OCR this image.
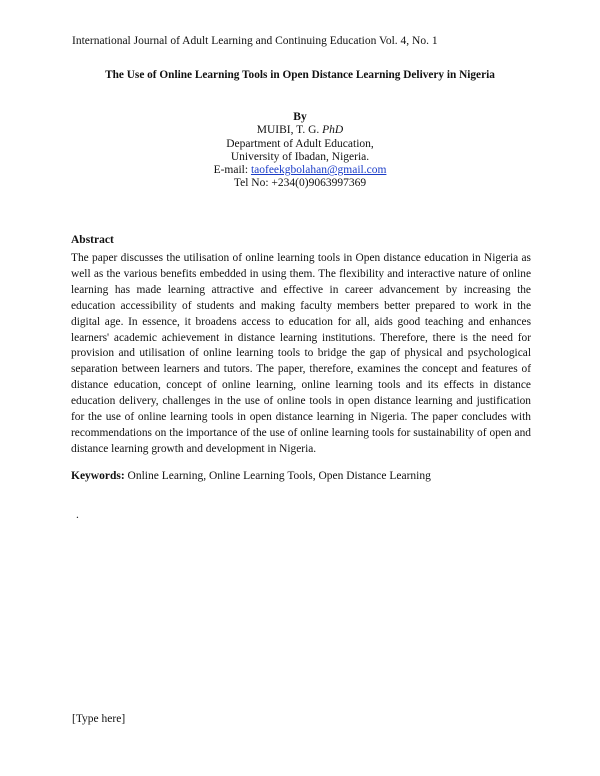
International Journal of Adult Learning and Continuing Education Vol. 4, No. 1
The Use of Online Learning Tools in Open Distance Learning Delivery in Nigeria
By
MUIBI, T. G. PhD
Department of Adult Education,
University of Ibadan, Nigeria.
E-mail: taofeekgbolahan@gmail.com
Tel No: +234(0)9063997369
Abstract
The paper discusses the utilisation of online learning tools in Open distance education in Nigeria as well as the various benefits embedded in using them. The flexibility and interactive nature of online learning has made learning attractive and effective in career advancement by increasing the education accessibility of students and making faculty members better prepared to work in the digital age. In essence, it broadens access to education for all, aids good teaching and enhances learners' academic achievement in distance learning institutions. Therefore, there is the need for provision and utilisation of online learning tools to bridge the gap of physical and psychological separation between learners and tutors. The paper, therefore, examines the concept and features of distance education, concept of online learning, online learning tools and its effects in distance education delivery, challenges in the use of online tools in open distance learning and justification for the use of online learning tools in open distance learning in Nigeria. The paper concludes with recommendations on the importance of the use of online learning tools for sustainability of open and distance learning growth and development in Nigeria.
Keywords: Online Learning, Online Learning Tools, Open Distance Learning
.
[Type here]
